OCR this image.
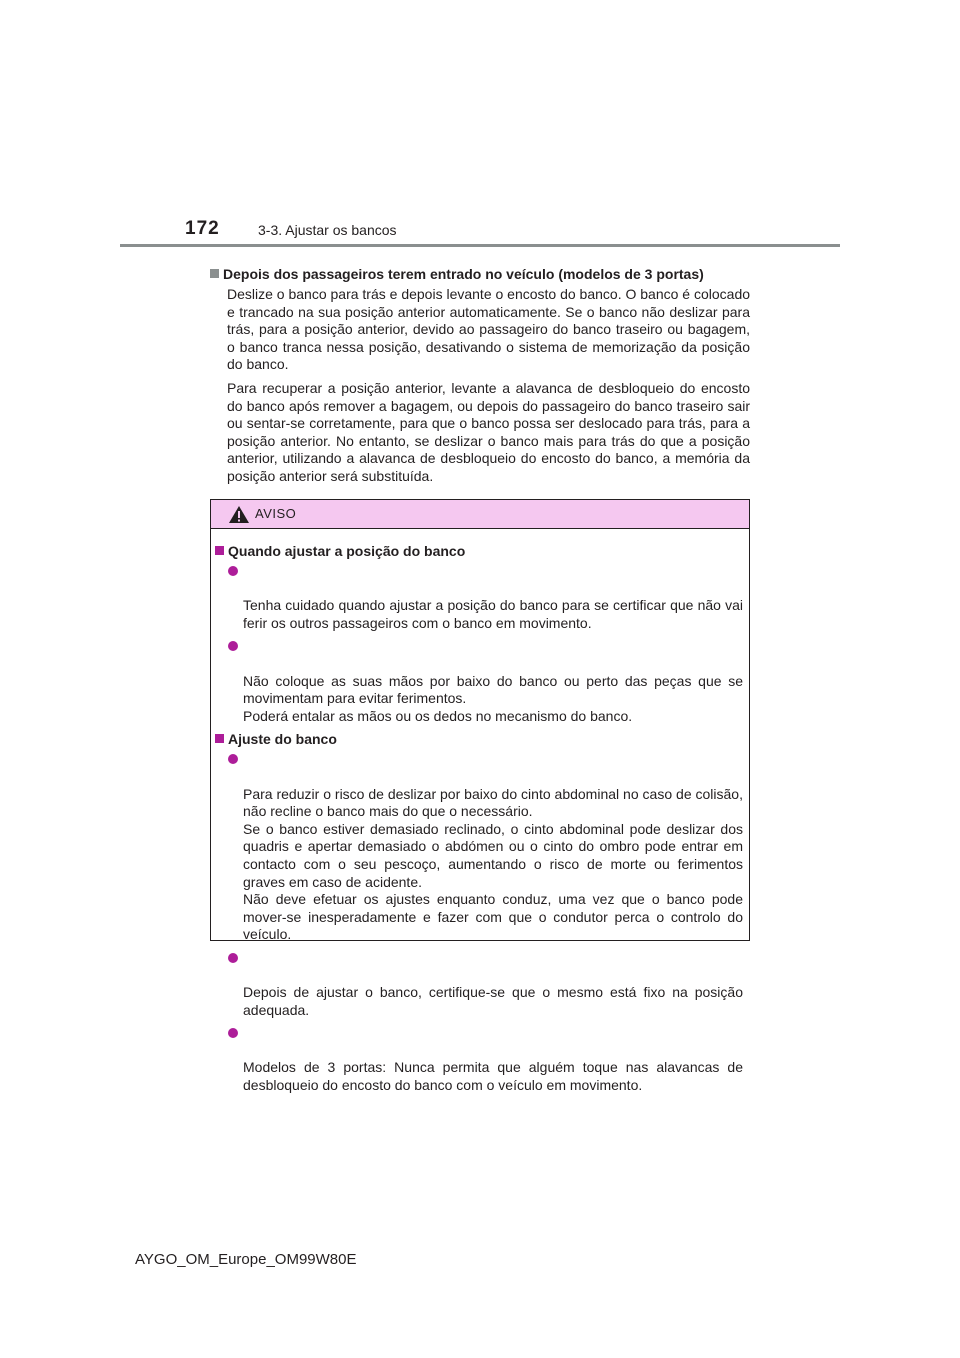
172	3-3. Ajustar os bancos
Depois dos passageiros terem entrado no veículo (modelos de 3 portas)

Deslize o banco para trás e depois levante o encosto do banco. O banco é colocado e trancado na sua posição anterior automaticamente. Se o banco não deslizar para trás, para a posição anterior, devido ao passageiro do banco traseiro ou bagagem, o banco tranca nessa posição, desativando o sistema de memorização da posição do banco.

Para recuperar a posição anterior, levante a alavanca de desbloqueio do encosto do banco após remover a bagagem, ou depois do passageiro do banco traseiro sair ou sentar-se corretamente, para que o banco possa ser deslocado para trás, para a posição anterior. No entanto, se deslizar o banco mais para trás do que a posição anterior, utilizando a alavanca de desbloqueio do encosto do banco, a memória da posição anterior será substituída.

AVISO
Quando ajustar a posição do banco

Tenha cuidado quando ajustar a posição do banco para se certificar que não vai ferir os outros passageiros com o banco em movimento.

Não coloque as suas mãos por baixo do banco ou perto das peças que se movimentam para evitar ferimentos.
Poderá entalar as mãos ou os dedos no mecanismo do banco.

Ajuste do banco

Para reduzir o risco de deslizar por baixo do cinto abdominal no caso de colisão, não recline o banco mais do que o necessário.
Se o banco estiver demasiado reclinado, o cinto abdominal pode deslizar dos quadris e apertar demasiado o abdómen ou o cinto do ombro pode entrar em contacto com o seu pescoço, aumentando o risco de morte ou ferimentos graves em caso de acidente.
Não deve efetuar os ajustes enquanto conduz, uma vez que o banco pode mover-se inesperadamente e fazer com que o condutor perca o controlo do veículo.

Depois de ajustar o banco, certifique-se que o mesmo está fixo na posição adequada.

Modelos de 3 portas: Nunca permita que alguém toque nas alavancas de desbloqueio do encosto do banco com o veículo em movimento.

AYGO_OM_Europe_OM99W80E
